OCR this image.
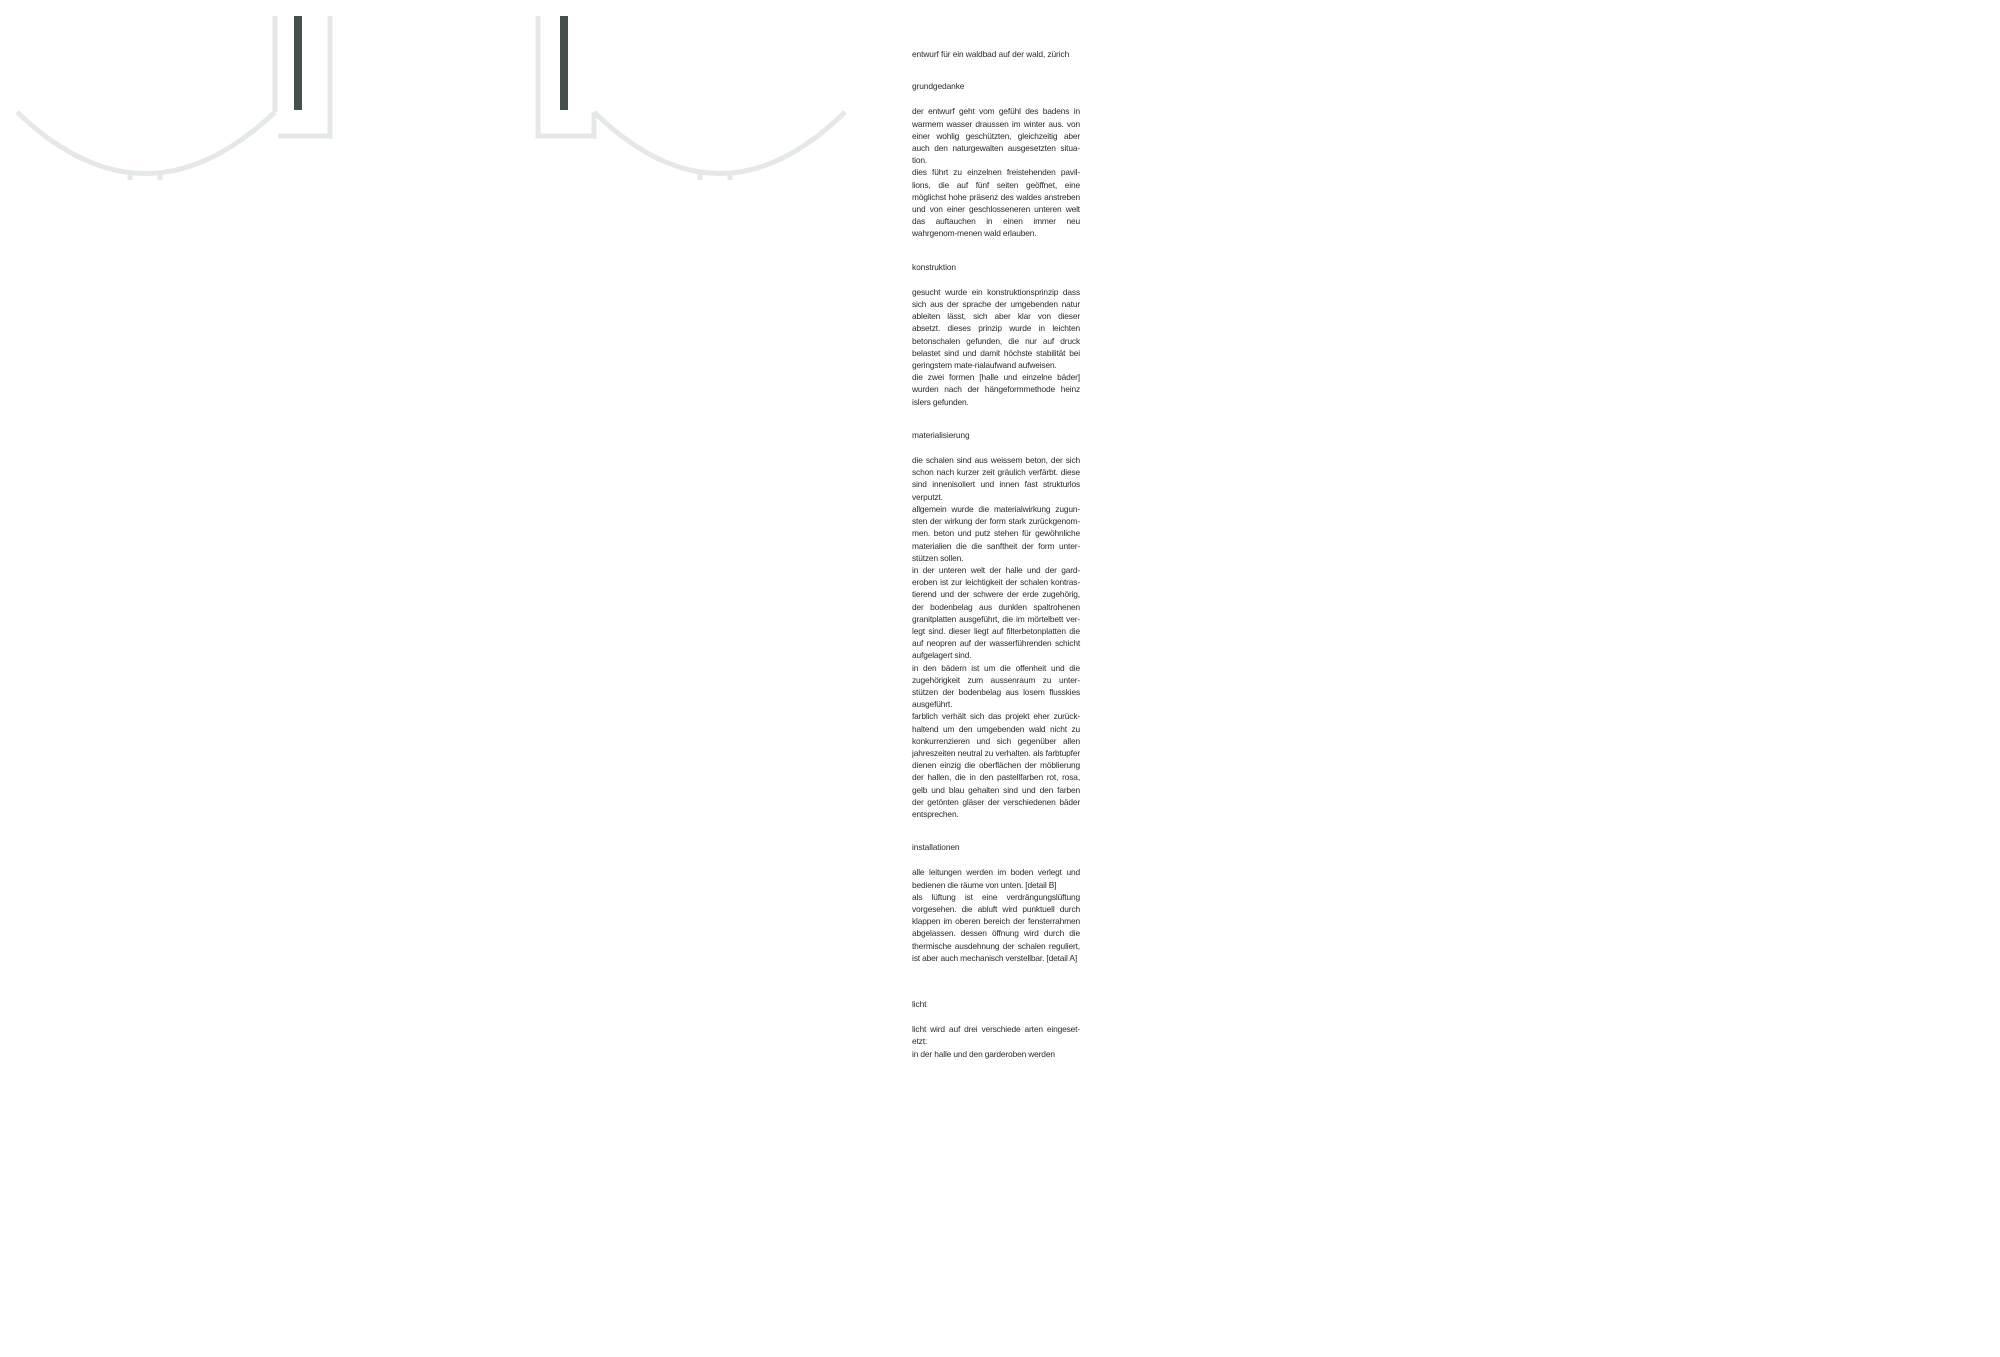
entwurf für ein waldbad auf der wald, zürich

grundgedanke

der entwurf geht vom gefühl des badens in warmem wasser draussen im winter aus. von einer wohlig geschützten, gleichzeitig aber auch den naturgewalten ausgesetzten situa-tion.

dies führt zu einzelnen freistehenden pavil-lions, die auf fünf seiten geöffnet, eine möglichst hohe präsenz des waldes anstreben und von einer geschlosseneren unteren welt das auftauchen in einen immer neu wahrgenom-menen wald erlauben.

konstruktion

gesucht wurde ein konstruktionsprinzip dass sich aus der sprache der umgebenden natur ableiten lässt, sich aber klar von dieser absetzt. dieses prinzip wurde in leichten betonschalen gefunden, die nur auf druck belastet sind und damit höchste stabilität bei geringstem mate-rialaufwand aufweisen.

die zwei formen [halle und einzelne bäder] wurden nach der hängeformmethode heinz islers gefunden.

materialisierung

die schalen sind aus weissem beton, der sich schon nach kurzer zeit gräulich verfärbt. diese sind innenisoliert und innen fast strukturlos verputzt.

allgemein wurde die materialwirkung zugun-sten der wirkung der form stark zurückgenom-men. beton und putz stehen für gewöhnliche materialien die die sanftheit der form unter-stützen sollen.

in der unteren welt der halle und der gard-eroben ist zur leichtigkeit der schalen kontras-tierend und der schwere der erde zugehörig, der bodenbelag aus dunklen spaltrohenen granitplatten ausgeführt, die im mörtelbett ver-legt sind. dieser liegt auf filterbetonplatten die auf neopren auf der wasserführenden schicht aufgelagert sind.

in den bädern ist um die offenheit und die zugehörigkeit zum aussenraum zu unter-stützen der bodenbelag aus losem flusskies ausgeführt.

farblich verhält sich das projekt eher zurück-haltend um den umgebenden wald nicht zu konkurrenzieren und sich gegenüber allen jahreszeiten neutral zu verhalten. als farbtupfer dienen einzig die oberflächen der möblierung der hallen, die in den pastellfarben rot, rosa, gelb und blau gehalten sind und den farben der getönten gläser der verschiedenen bäder entsprechen.

installationen

alle leitungen werden im boden verlegt und bedienen die räume von unten. [detail B]

als lüftung ist eine verdrängungslüftung vorgesehen. die abluft wird punktuell durch klappen im oberen bereich der fensterrahmen abgelassen. dessen öffnung wird durch die thermische ausdehnung der schalen reguliert, ist aber auch mechanisch verstellbar. [detail A]

licht

licht wird auf drei verschiede arten eingeset-etzt:

in der halle und den garderoben werden
